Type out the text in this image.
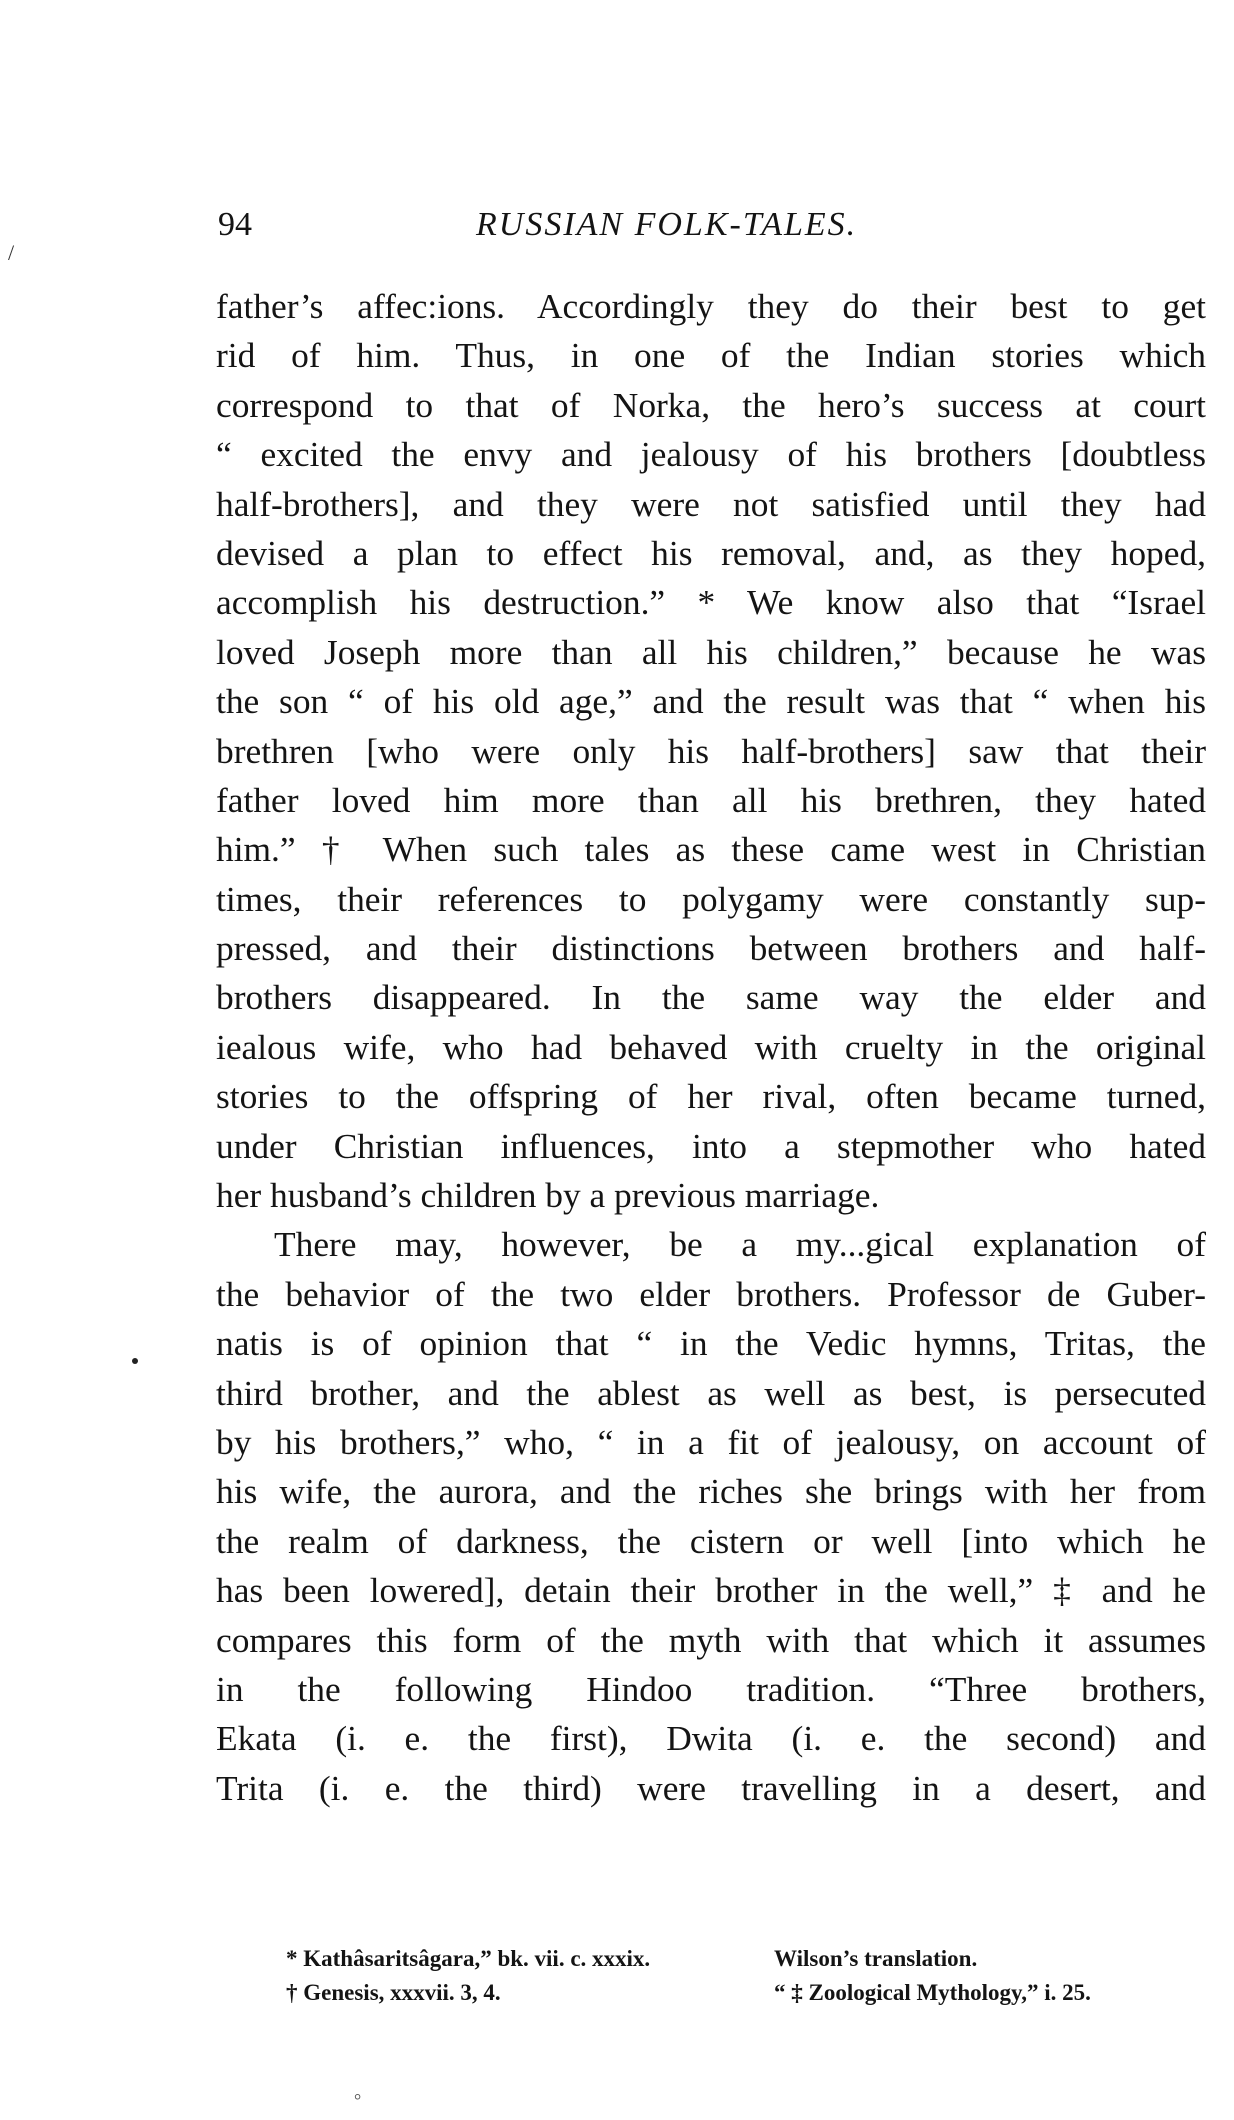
/
94	RUSSIAN FOLK-TALES.
father’s affec:ions. Accordingly they do their best to get
rid of him. Thus, in one of the Indian stories which
correspond to that of Norka, the hero’s success at court
“ excited the envy and jealousy of his brothers [doubtless
half-brothers], and they were not satisfied until they had
devised a plan to effect his removal, and, as they hoped,
accomplish his destruction.” * We know also that “Israel
loved Joseph more than all his children,” because he was
the son “ of his old age,” and the result was that “ when his
brethren [who were only his half-brothers] saw that their
father loved him more than all his brethren, they hated
him.” † When such tales as these came west in Christian
times, their references to polygamy were constantly sup-
pressed, and their distinctions between brothers and half-
brothers disappeared. In the same way the elder and
iealous wife, who had behaved with cruelty in the original
stories to the offspring of her rival, often became turned,
under Christian influences, into a stepmother who hated
her husband’s children by a previous marriage.
There may, however, be a my...gical explanation of
the behavior of the two elder brothers. Professor de Guber-
natis is of opinion that “ in the Vedic hymns, Tritas, the
third brother, and the ablest as well as best, is persecuted
by his brothers,” who, “ in a fit of jealousy, on account of
his wife, the aurora, and the riches she brings with her from
the realm of darkness, the cistern or well [into which he
has been lowered], detain their brother in the well,” ‡ and he
compares this form of the myth with that which it assumes
in the following Hindoo tradition. “Three brothers,
Ekata (i. e. the first), Dwita (i. e. the second) and
Trita (i. e. the third) were travelling in a desert, and
* Kathâsaritsâgara,” bk. vii. c. xxxix.	Wilson’s translation.
† Genesis, xxxvii. 3, 4.	“ ‡ Zoological Mythology,” i. 25.
°
